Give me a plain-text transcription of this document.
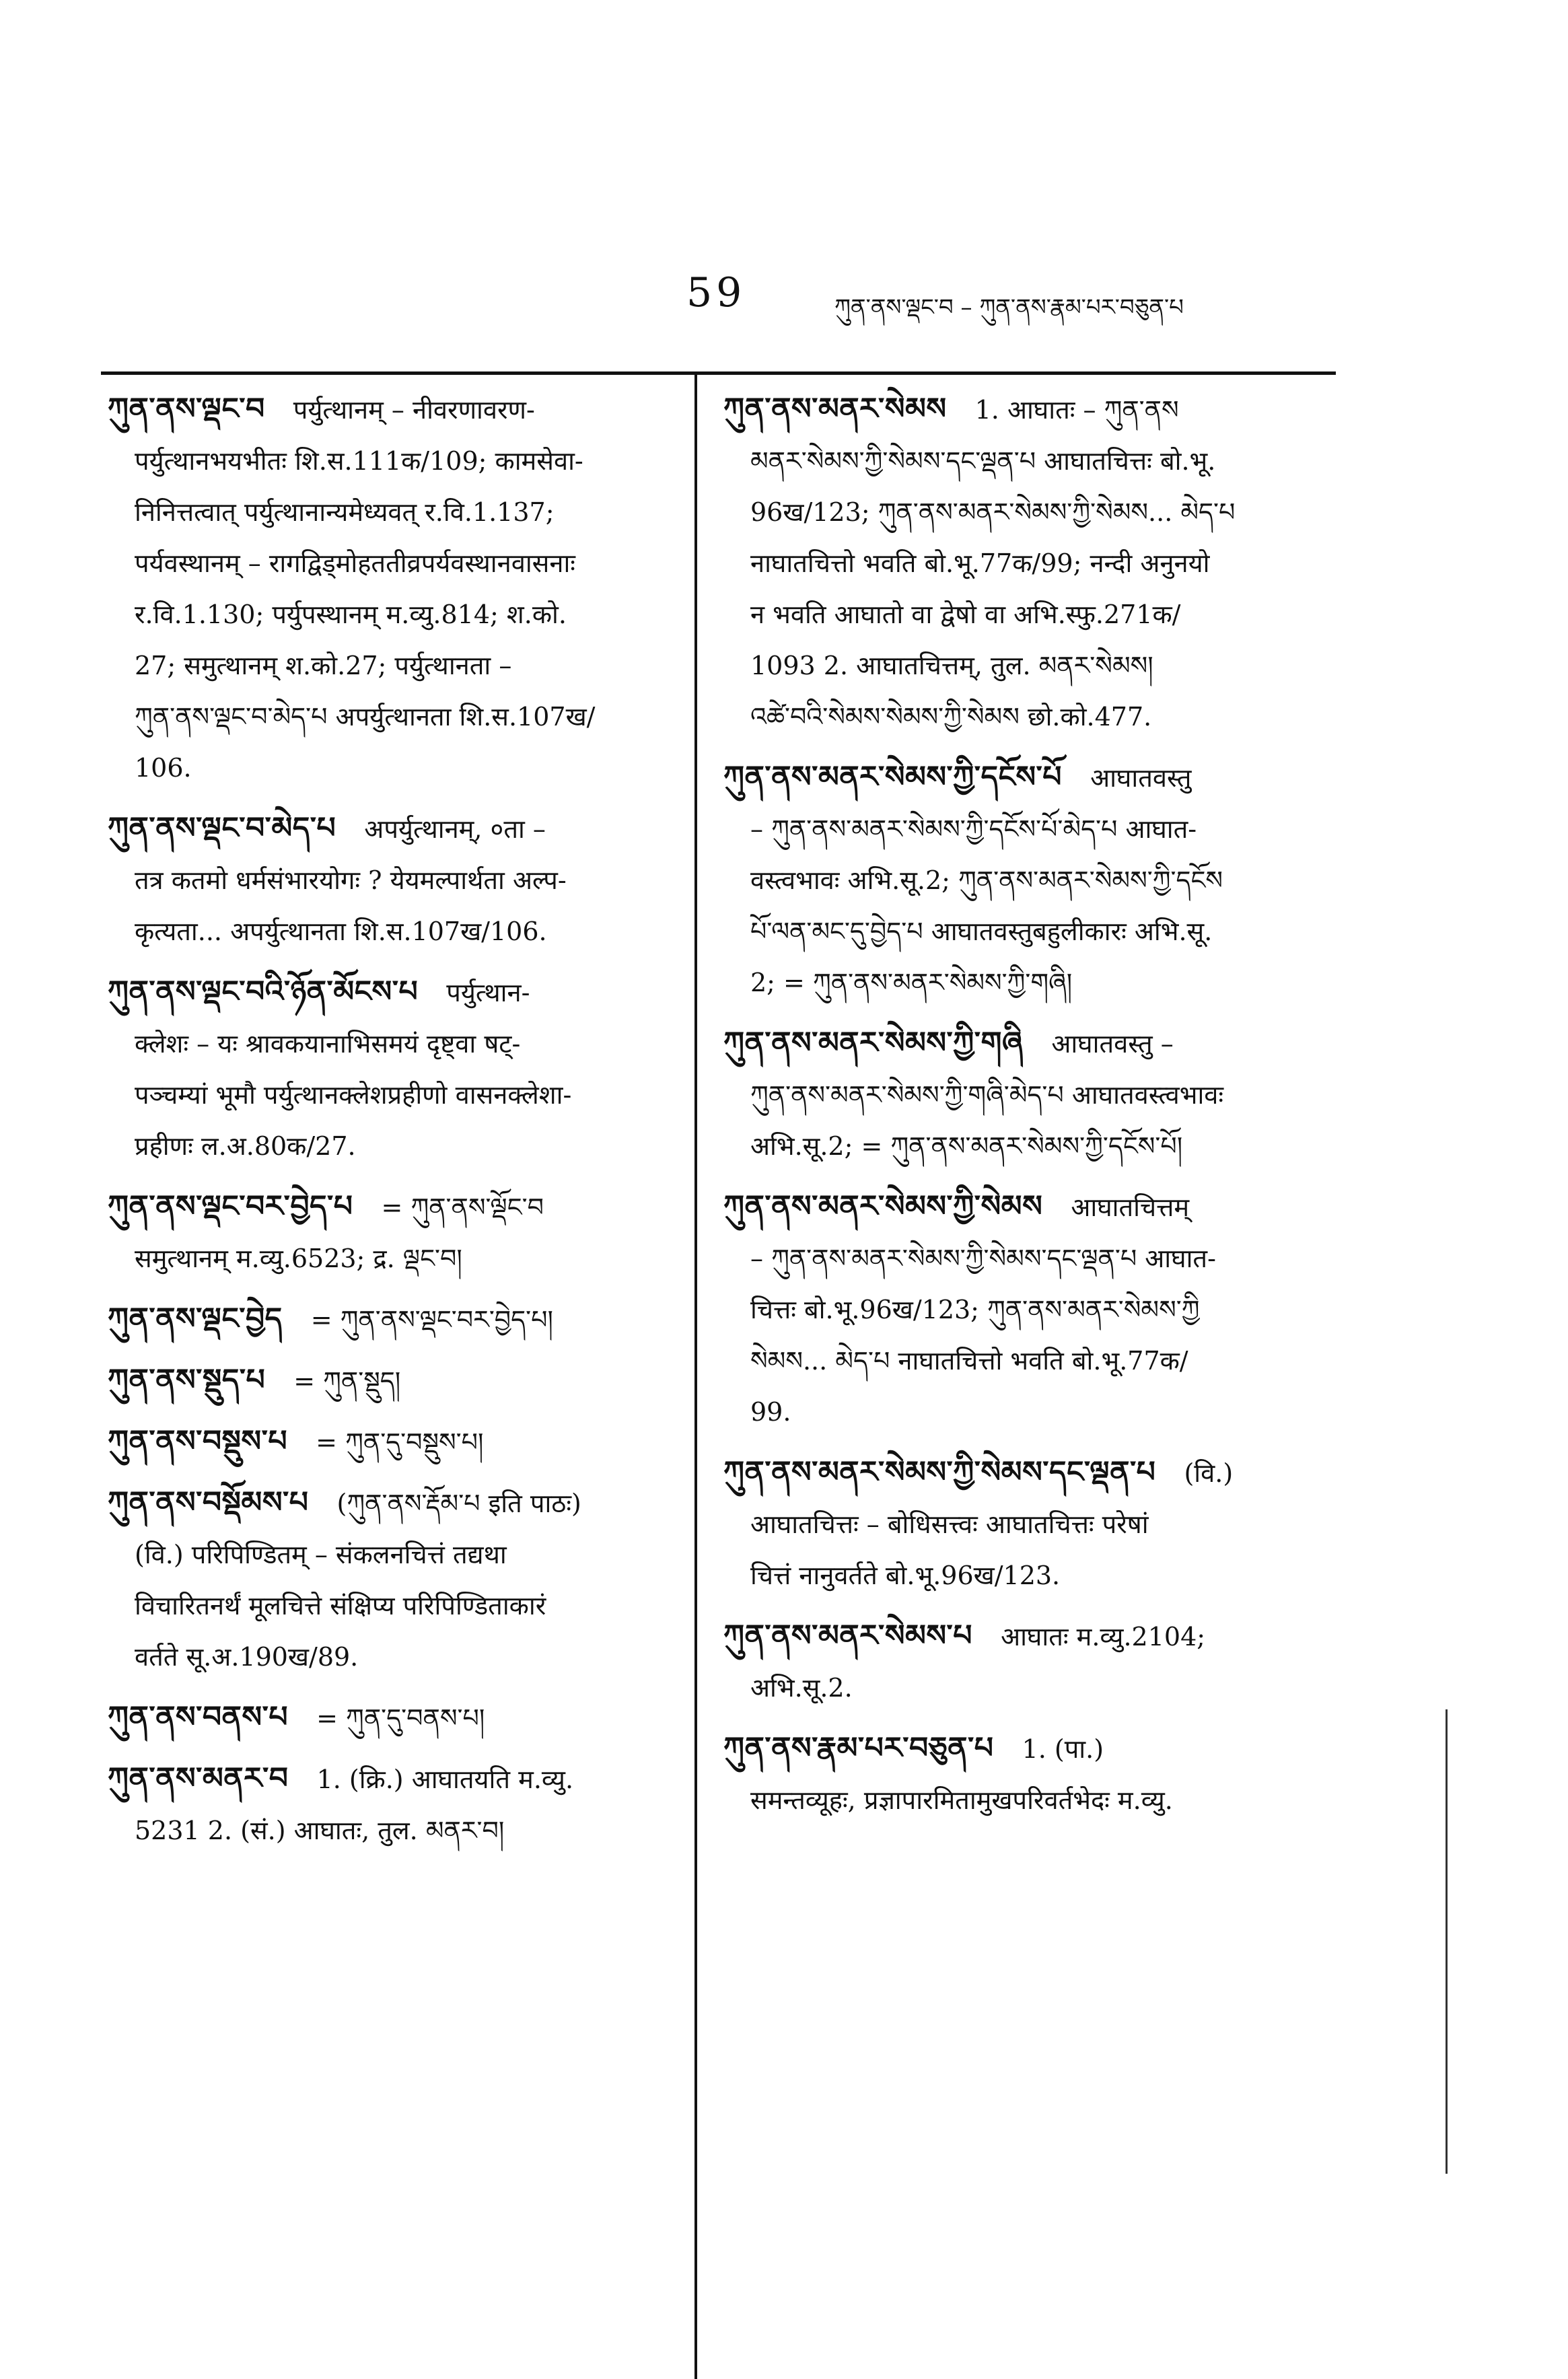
59	ཀུན་ནས་ལྡང་བ – ཀུན་ནས་རྣམ་པར་བཅུན་པ
ཀུན་ནས་ལྡང་བ पर्युत्थानम् – नीवरणावरण-
पर्युत्थानभयभीतः शि.स.111क/109; कामसेवा-
निनित्तत्वात् पर्युत्थानान्यमेध्यवत् र.वि.1.137;
पर्यवस्थानम् – रागद्विड्मोहततीव्रपर्यवस्थानवासनाः
र.वि.1.130; पर्युपस्थानम् म.व्यु.814; श.को.
27; समुत्थानम् श.को.27; पर्युत्थानता –
ཀུན་ནས་ལྡང་བ་མེད་པ अपर्युत्थानता शि.स.107ख/
106.
ཀུན་ནས་ལྡང་བ་མེད་པ अपर्युत्थानम्, ०ता –
तत्र कतमो धर्मसंभारयोगः ? येयमल्पार्थता अल्प-
कृत्यता... अपर्युत्थानता शि.स.107ख/106.
ཀུན་ནས་ལྡང་བའི་ཉོན་མོངས་པ पर्युत्थान-
क्लेशः – यः श्रावकयानाभिसमयं दृष्ट्वा षट्-
पञ्चम्यां भूमौ पर्युत्थानक्लेशप्रहीणो वासनक्लेशा-
प्रहीणः ल.अ.80क/27.
ཀུན་ནས་ལྡང་བར་བྱེད་པ = ཀུན་ནས་ལྡོང་བ
समुत्थानम् म.व्यु.6523; द्र. ལྡང་བ།
ཀུན་ནས་ལྡང་བྱེད = ཀུན་ནས་ལྡང་བར་བྱེད་པ།
ཀུན་ནས་སྡུད་པ = ཀུན་སྡུད།
ཀུན་ནས་བསྡུས་པ = ཀུན་དུ་བསྡུས་པ།
ཀུན་ནས་བསྡོམས་པ (ཀུན་ནས་རྡོམ་པ इति पाठः)
(वि.) परिपिण्डितम् – संकलनचित्तं तद्यथा
विचारितनर्थं मूलचित्ते संक्षिप्य परिपिण्डिताकारं
वर्तते सू.अ.190ख/89.
ཀུན་ནས་བནས་པ = ཀུན་དུ་བནས་པ།
ཀུན་ནས་མནར་བ 1. (क्रि.) आघातयति म.व्यु.
5231 2. (सं.) आघातः, तुल. མནར་བ།
ཀུན་ནས་མནར་སེམས 1. आघातः – ཀུན་ནས
མནར་སེམས་ཀྱི་སེམས་དང་ལྡན་པ आघातचित्तः बो.भू.
96ख/123; ཀུན་ནས་མནར་སེམས་ཀྱི་སེམས... མེད་པ
नाघातचित्तो भवति बो.भू.77क/99; नन्दी अनुनयो
न भवति आघातो वा द्वेषो वा अभि.स्फु.271क/
1093 2. आघातचित्तम्, तुल. མནར་སེམས།
འཚེ་བའི་སེམས་སེམས་ཀྱི་སེམས छो.को.477.
ཀུན་ནས་མནར་སེམས་ཀྱི་དངོས་པོ आघातवस्तु
– ཀུན་ནས་མནར་སེམས་ཀྱི་དངོས་པོ་མེད་པ आघात-
वस्त्वभावः अभि.सू.2; ཀུན་ནས་མནར་སེམས་ཀྱི་དངོས
པོ་ལན་མང་དུ་བྱེད་པ आघातवस्तुबहुलीकारः अभि.सू.
2; = ཀུན་ནས་མནར་སེམས་ཀྱི་གཞི།
ཀུན་ནས་མནར་སེམས་ཀྱི་གཞི आघातवस्तु –
ཀུན་ནས་མནར་སེམས་ཀྱི་གཞི་མེད་པ आघातवस्त्वभावः
अभि.सू.2; = ཀུན་ནས་མནར་སེམས་ཀྱི་དངོས་པོ།
ཀུན་ནས་མནར་སེམས་ཀྱི་སེམས आघातचित्तम्
– ཀུན་ནས་མནར་སེམས་ཀྱི་སེམས་དང་ལྡན་པ आघात-
चित्तः बो.भू.96ख/123; ཀུན་ནས་མནར་སེམས་ཀྱི
སེམས... མེད་པ नाघातचित्तो भवति बो.भू.77क/
99.
ཀུན་ནས་མནར་སེམས་ཀྱི་སེམས་དང་ལྡན་པ (वि.)
आघातचित्तः – बोधिसत्त्वः आघातचित्तः परेषां
चित्तं नानुवर्तते बो.भू.96ख/123.
ཀུན་ནས་མནར་སེམས་པ आघातः म.व्यु.2104;
अभि.सू.2.
ཀུན་ནས་རྣམ་པར་བཅུན་པ 1. (पा.)
समन्तव्यूहः, प्रज्ञापारमितामुखपरिवर्तभेदः म.व्यु.
